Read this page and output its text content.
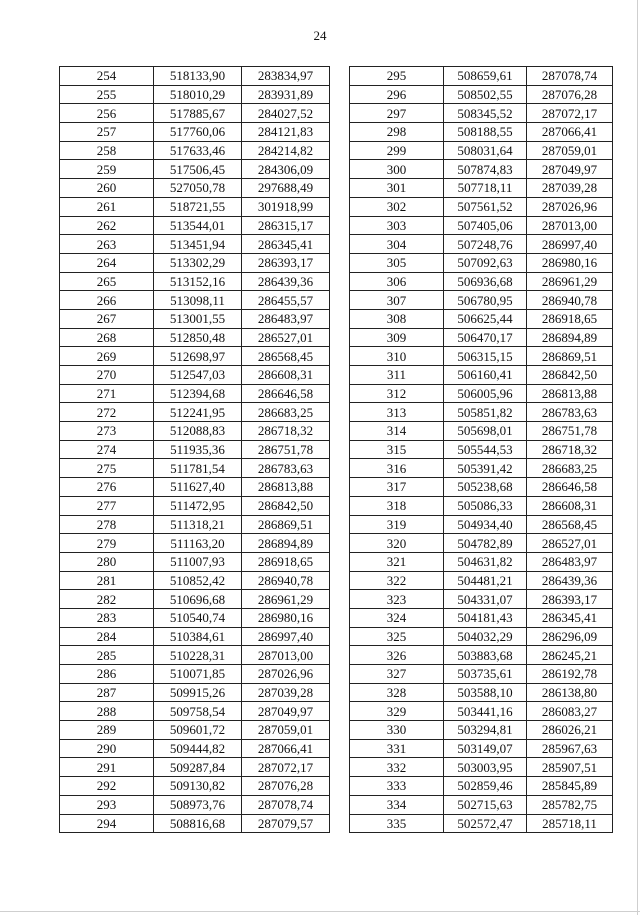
24
254	518133,90	283834,97
255	518010,29	283931,89
256	517885,67	284027,52
257	517760,06	284121,83
258	517633,46	284214,82
259	517506,45	284306,09
260	527050,78	297688,49
261	518721,55	301918,99
262	513544,01	286315,17
263	513451,94	286345,41
264	513302,29	286393,17
265	513152,16	286439,36
266	513098,11	286455,57
267	513001,55	286483,97
268	512850,48	286527,01
269	512698,97	286568,45
270	512547,03	286608,31
271	512394,68	286646,58
272	512241,95	286683,25
273	512088,83	286718,32
274	511935,36	286751,78
275	511781,54	286783,63
276	511627,40	286813,88
277	511472,95	286842,50
278	511318,21	286869,51
279	511163,20	286894,89
280	511007,93	286918,65
281	510852,42	286940,78
282	510696,68	286961,29
283	510540,74	286980,16
284	510384,61	286997,40
285	510228,31	287013,00
286	510071,85	287026,96
287	509915,26	287039,28
288	509758,54	287049,97
289	509601,72	287059,01
290	509444,82	287066,41
291	509287,84	287072,17
292	509130,82	287076,28
293	508973,76	287078,74
294	508816,68	287079,57
295	508659,61	287078,74
296	508502,55	287076,28
297	508345,52	287072,17
298	508188,55	287066,41
299	508031,64	287059,01
300	507874,83	287049,97
301	507718,11	287039,28
302	507561,52	287026,96
303	507405,06	287013,00
304	507248,76	286997,40
305	507092,63	286980,16
306	506936,68	286961,29
307	506780,95	286940,78
308	506625,44	286918,65
309	506470,17	286894,89
310	506315,15	286869,51
311	506160,41	286842,50
312	506005,96	286813,88
313	505851,82	286783,63
314	505698,01	286751,78
315	505544,53	286718,32
316	505391,42	286683,25
317	505238,68	286646,58
318	505086,33	286608,31
319	504934,40	286568,45
320	504782,89	286527,01
321	504631,82	286483,97
322	504481,21	286439,36
323	504331,07	286393,17
324	504181,43	286345,41
325	504032,29	286296,09
326	503883,68	286245,21
327	503735,61	286192,78
328	503588,10	286138,80
329	503441,16	286083,27
330	503294,81	286026,21
331	503149,07	285967,63
332	503003,95	285907,51
333	502859,46	285845,89
334	502715,63	285782,75
335	502572,47	285718,11
